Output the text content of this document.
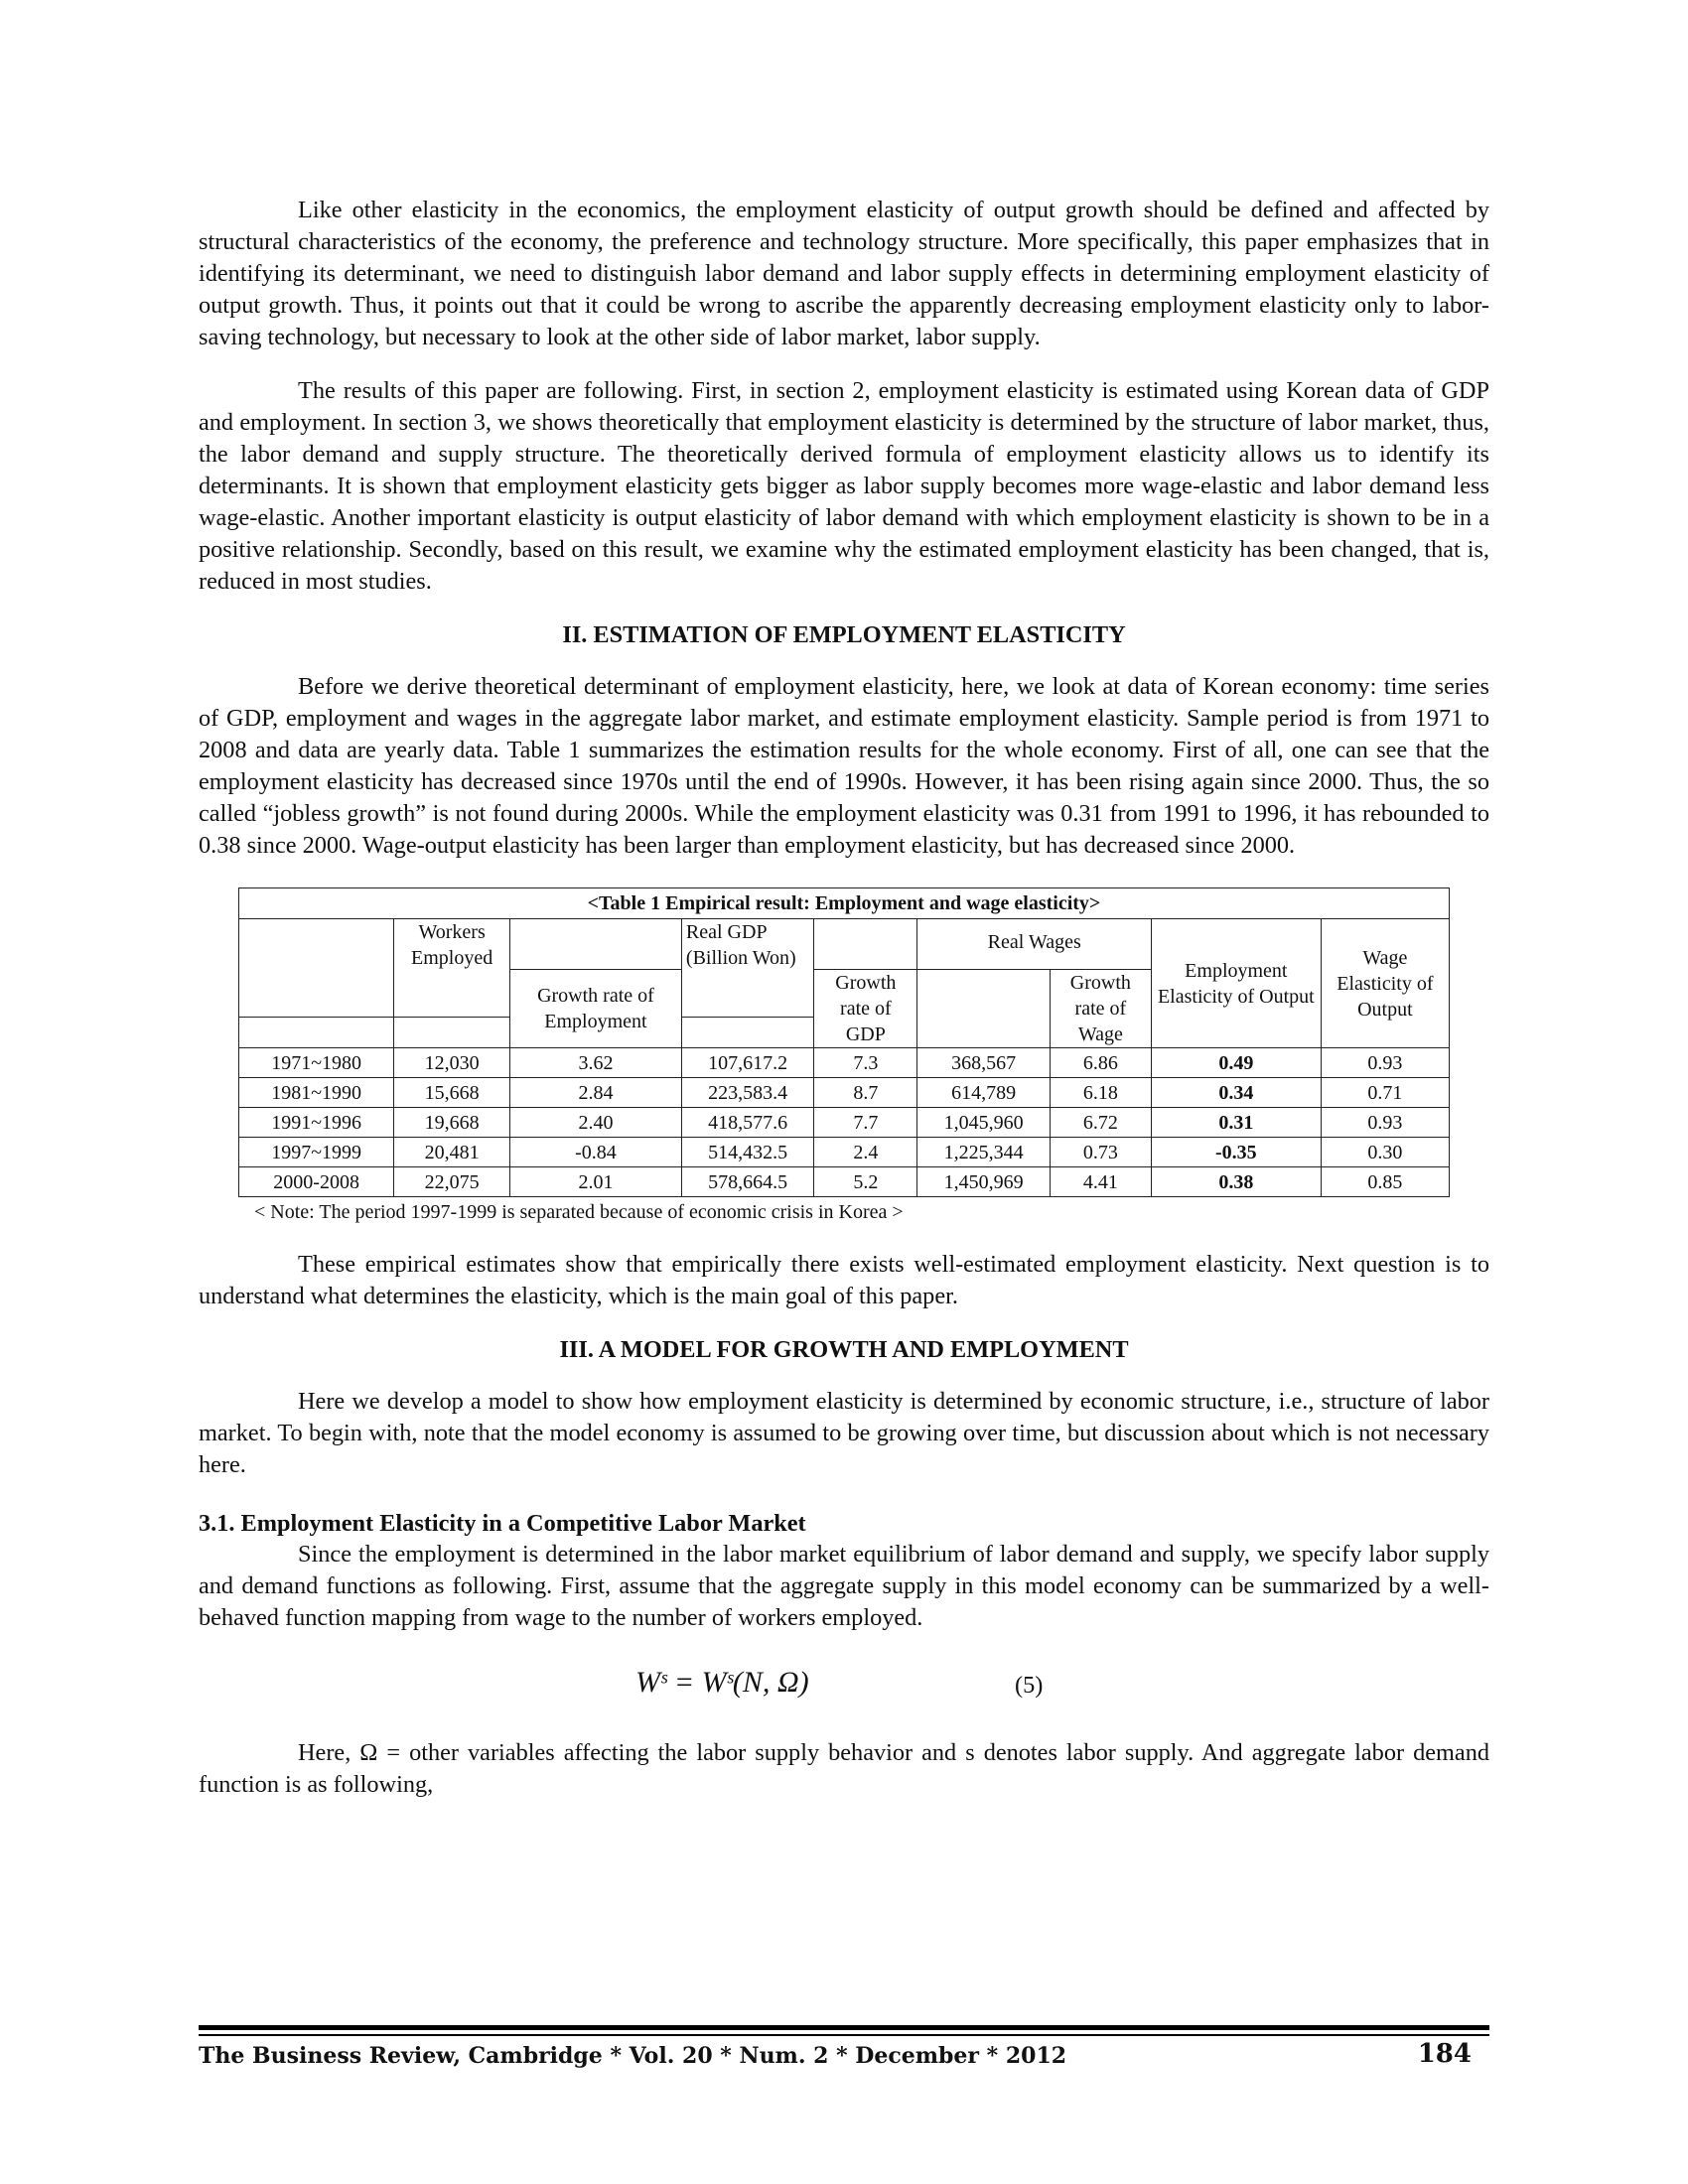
Like other elasticity in the economics, the employment elasticity of output growth should be defined and affected by structural characteristics of the economy, the preference and technology structure. More specifically, this paper emphasizes that in identifying its determinant, we need to distinguish labor demand and labor supply effects in determining employment elasticity of output growth. Thus, it points out that it could be wrong to ascribe the apparently decreasing employment elasticity only to labor-saving technology, but necessary to look at the other side of labor market, labor supply.

The results of this paper are following. First, in section 2, employment elasticity is estimated using Korean data of GDP and employment. In section 3, we shows theoretically that employment elasticity is determined by the structure of labor market, thus, the labor demand and supply structure. The theoretically derived formula of employment elasticity allows us to identify its determinants. It is shown that employment elasticity gets bigger as labor supply becomes more wage-elastic and labor demand less wage-elastic. Another important elasticity is output elasticity of labor demand with which employment elasticity is shown to be in a positive relationship. Secondly, based on this result, we examine why the estimated employment elasticity has been changed, that is, reduced in most studies.

II. ESTIMATION OF EMPLOYMENT ELASTICITY

Before we derive theoretical determinant of employment elasticity, here, we look at data of Korean economy: time series of GDP, employment and wages in the aggregate labor market, and estimate employment elasticity. Sample period is from 1971 to 2008 and data are yearly data. Table 1 summarizes the estimation results for the whole economy. First of all, one can see that the employment elasticity has decreased since 1970s until the end of 1990s. However, it has been rising again since 2000. Thus, the so called “jobless growth” is not found during 2000s. While the employment elasticity was 0.31 from 1991 to 1996, it has rebounded to 0.38 since 2000. Wage-output elasticity has been larger than employment elasticity, but has decreased since 2000.

<Table 1 Empirical result: Employment and wage elasticity>								
	Workers Employed		Real GDP (Billion Won)		Real Wages		Employment Elasticity of Output	Wage Elasticity of Output
		Growth rate of Employment		Growth rate of GDP		Growth rate of Wage		

1971~1980	12,030	3.62	107,617.2	7.3	368,567	6.86	0.49	0.93
1981~1990	15,668	2.84	223,583.4	8.7	614,789	6.18	0.34	0.71
1991~1996	19,668	2.40	418,577.6	7.7	1,045,960	6.72	0.31	0.93
1997~1999	20,481	-0.84	514,432.5	2.4	1,225,344	0.73	-0.35	0.30
2000-2008	22,075	2.01	578,664.5	5.2	1,450,969	4.41	0.38	0.85
< Note: The period 1997-1999 is separated because of economic crisis in Korea >

These empirical estimates show that empirically there exists well-estimated employment elasticity. Next question is to understand what determines the elasticity, which is the main goal of this paper.

III. A MODEL FOR GROWTH AND EMPLOYMENT

Here we develop a model to show how employment elasticity is determined by economic structure, i.e., structure of labor market. To begin with, note that the model economy is assumed to be growing over time, but discussion about which is not necessary here.

3.1. Employment Elasticity in a Competitive Labor Market

Since the employment is determined in the labor market equilibrium of labor demand and supply, we specify labor supply and demand functions as following. First, assume that the aggregate supply in this model economy can be summarized by a well-behaved function mapping from wage to the number of workers employed.

Wˢ = Wˢ(N, Ω)	(5)

Here, Ω = other variables affecting the labor supply behavior and s denotes labor supply. And aggregate labor demand function is as following,

The Business Review, Cambridge * Vol. 20 * Num. 2 * December * 2012	184
